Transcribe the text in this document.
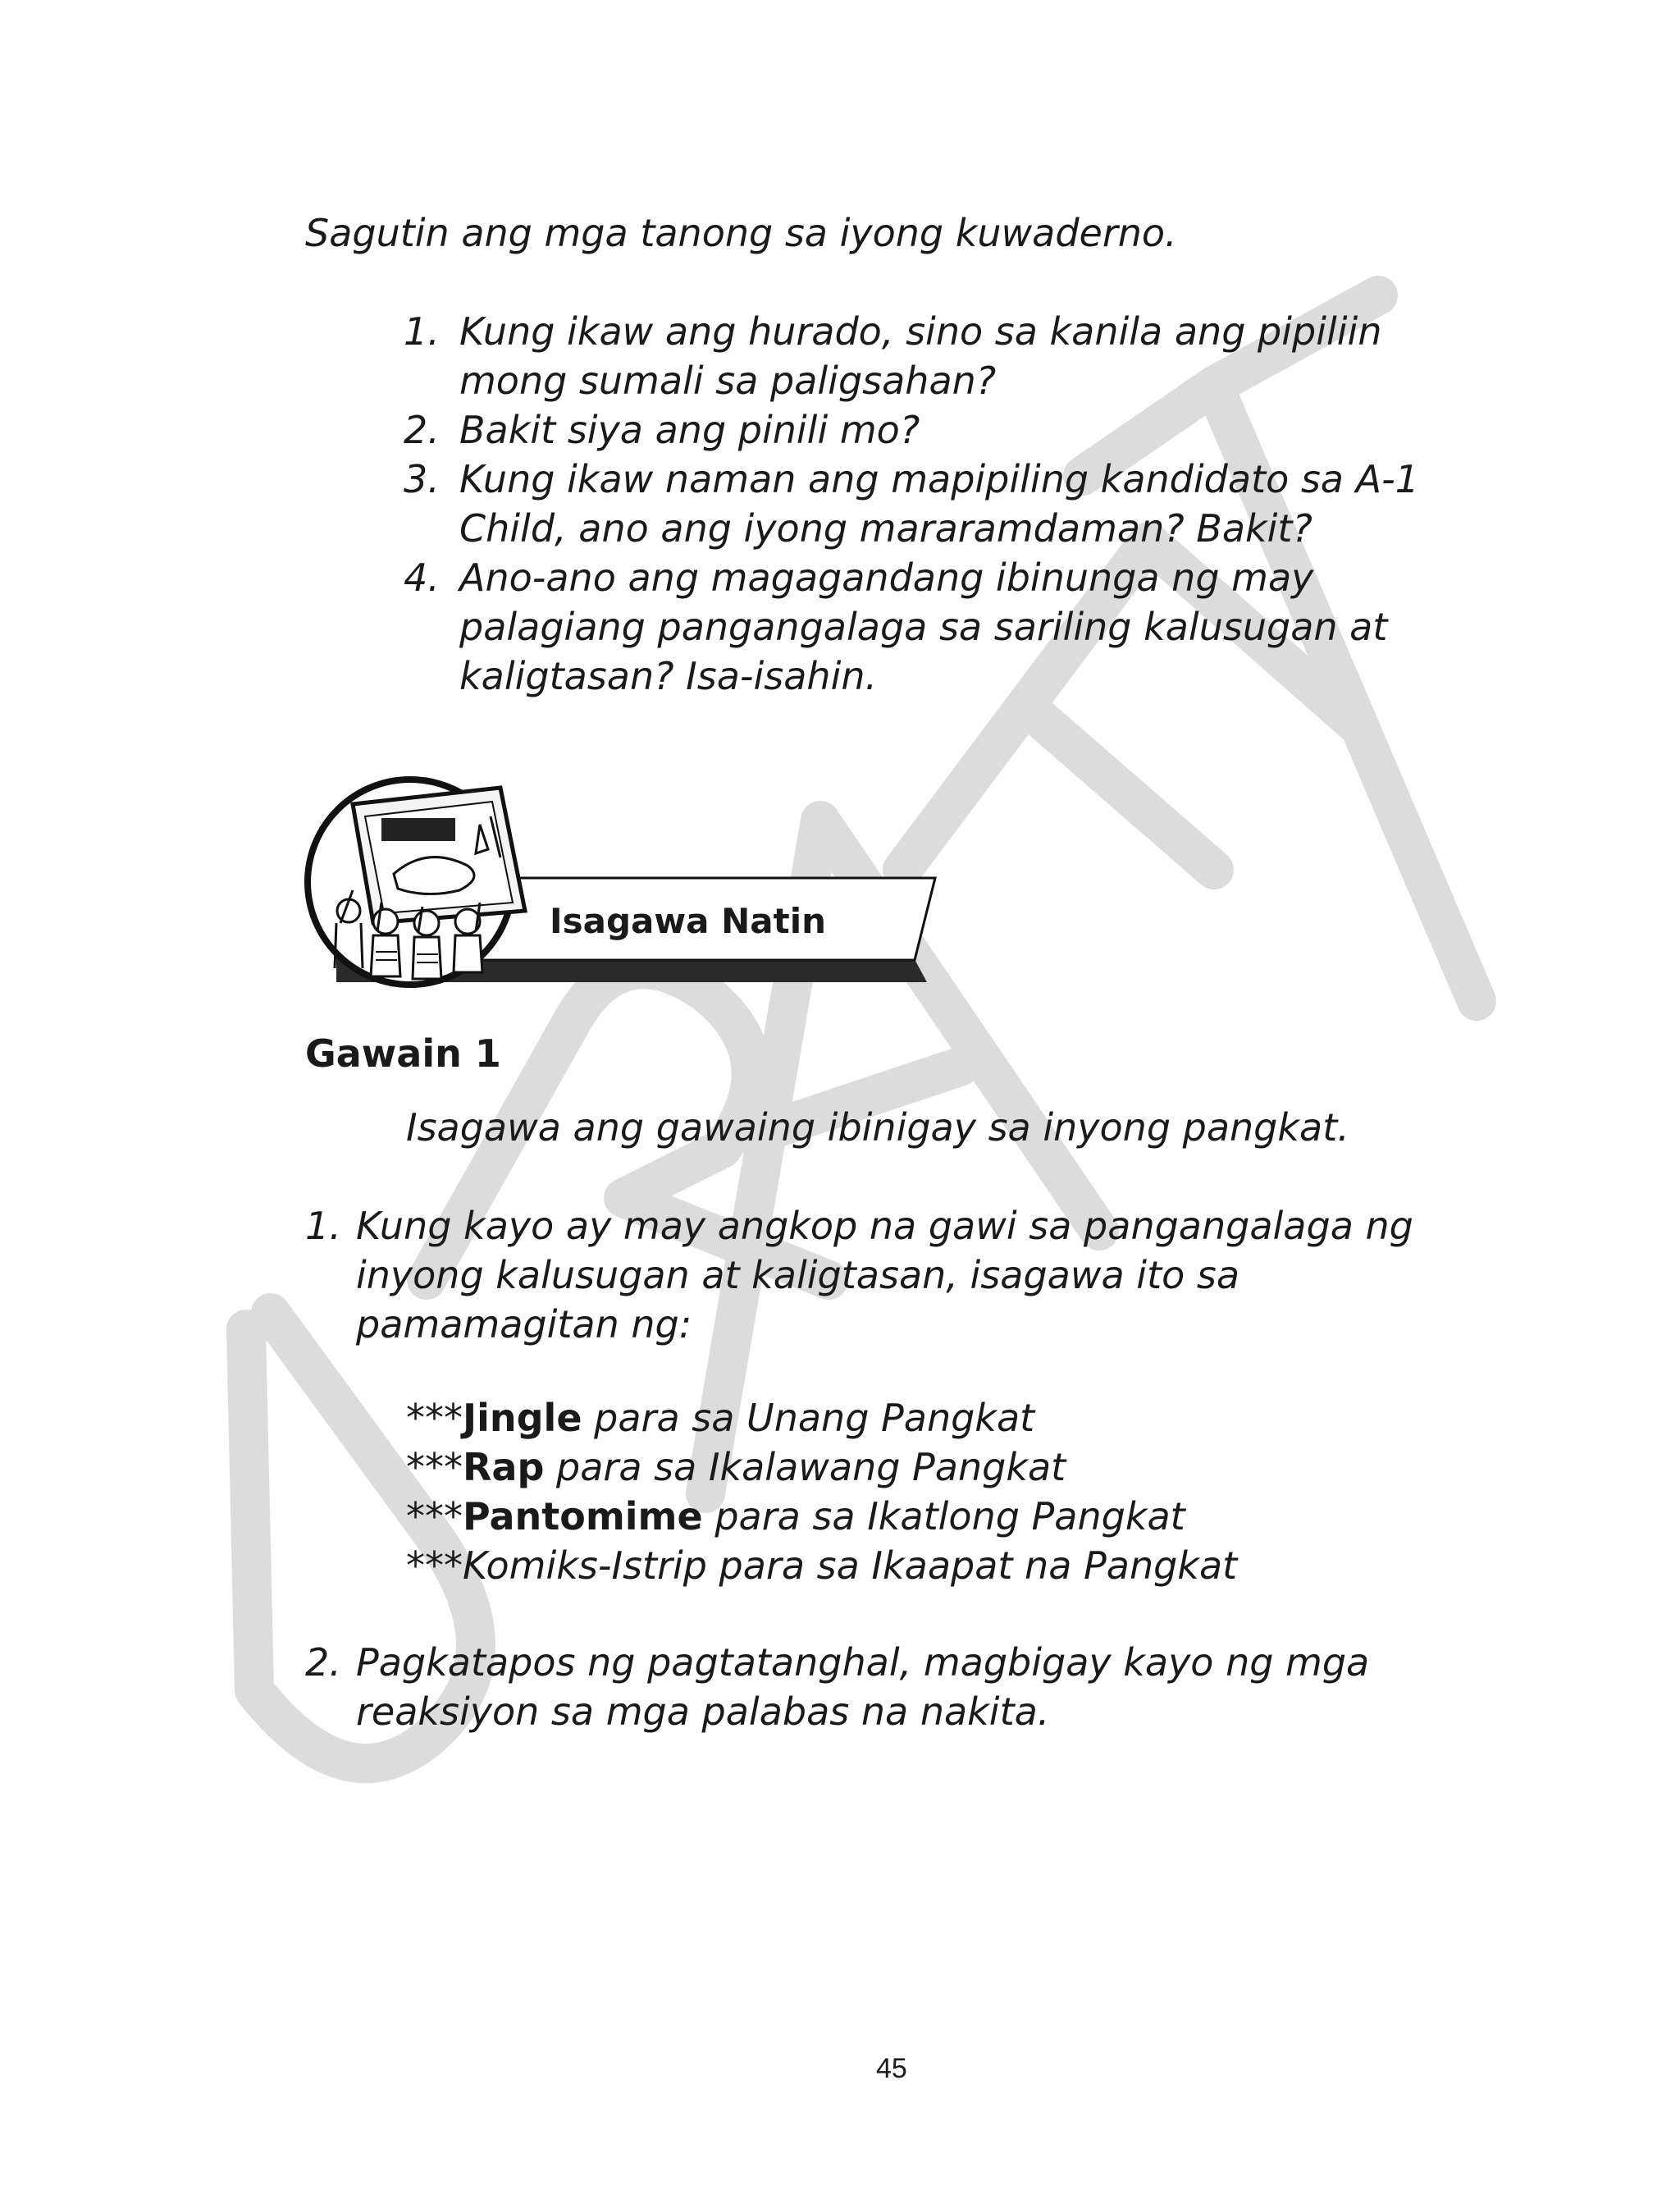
Sagutin ang mga tanong sa iyong kuwaderno.
1. Kung ikaw ang hurado, sino sa kanila ang pipiliin
mong sumali sa paligsahan?
2. Bakit siya ang pinili mo?
3. Kung ikaw naman ang mapipiling kandidato sa A-1
Child, ano ang iyong mararamdaman? Bakit?
4. Ano-ano ang magagandang ibinunga ng may
palagiang pangangalaga sa sariling kalusugan at
kaligtasan? Isa-isahin.
Isagawa Natin
Gawain 1
Isagawa ang gawaing ibinigay sa inyong pangkat.
1. Kung kayo ay may angkop na gawi sa pangangalaga ng
inyong kalusugan at kaligtasan, isagawa ito sa
pamamagitan ng:
***Jingle para sa Unang Pangkat
***Rap para sa Ikalawang Pangkat
***Pantomime para sa Ikatlong Pangkat
***Komiks-Istrip para sa Ikaapat na Pangkat
2. Pagkatapos ng pagtatanghal, magbigay kayo ng mga
reaksiyon sa mga palabas na nakita.
45
